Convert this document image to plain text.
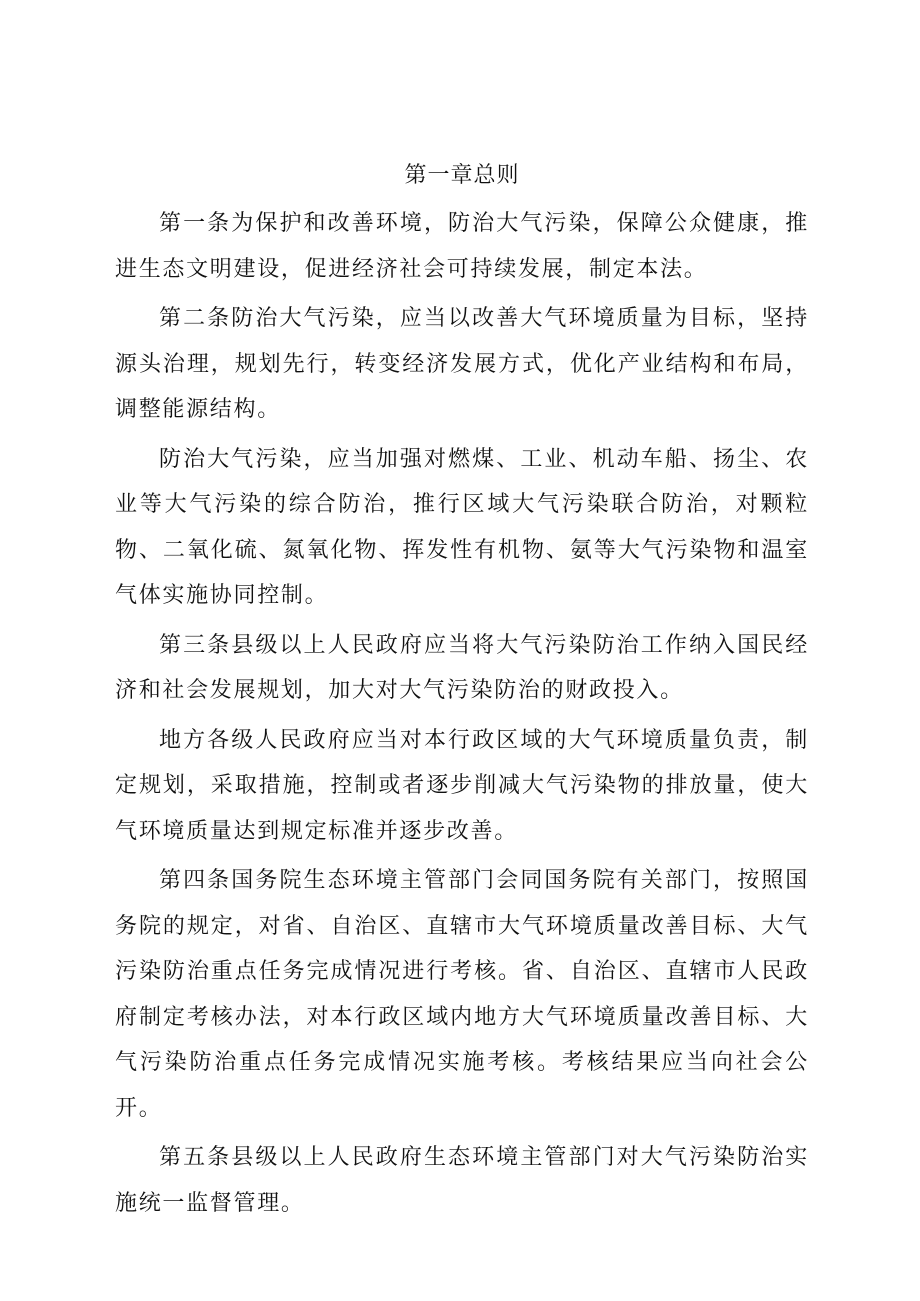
第一章总则

第一条为保护和改善环境，防治大气污染，保障公众健康，推进生态文明建设，促进经济社会可持续发展，制定本法。

第二条防治大气污染，应当以改善大气环境质量为目标，坚持源头治理，规划先行，转变经济发展方式，优化产业结构和布局，调整能源结构。

防治大气污染，应当加强对燃煤、工业、机动车船、扬尘、农业等大气污染的综合防治，推行区域大气污染联合防治，对颗粒物、二氧化硫、氮氧化物、挥发性有机物、氨等大气污染物和温室气体实施协同控制。

第三条县级以上人民政府应当将大气污染防治工作纳入国民经济和社会发展规划，加大对大气污染防治的财政投入。

地方各级人民政府应当对本行政区域的大气环境质量负责，制定规划，采取措施，控制或者逐步削减大气污染物的排放量，使大气环境质量达到规定标准并逐步改善。

第四条国务院生态环境主管部门会同国务院有关部门，按照国务院的规定，对省、自治区、直辖市大气环境质量改善目标、大气污染防治重点任务完成情况进行考核。省、自治区、直辖市人民政府制定考核办法，对本行政区域内地方大气环境质量改善目标、大气污染防治重点任务完成情况实施考核。考核结果应当向社会公开。

第五条县级以上人民政府生态环境主管部门对大气污染防治实施统一监督管理。
